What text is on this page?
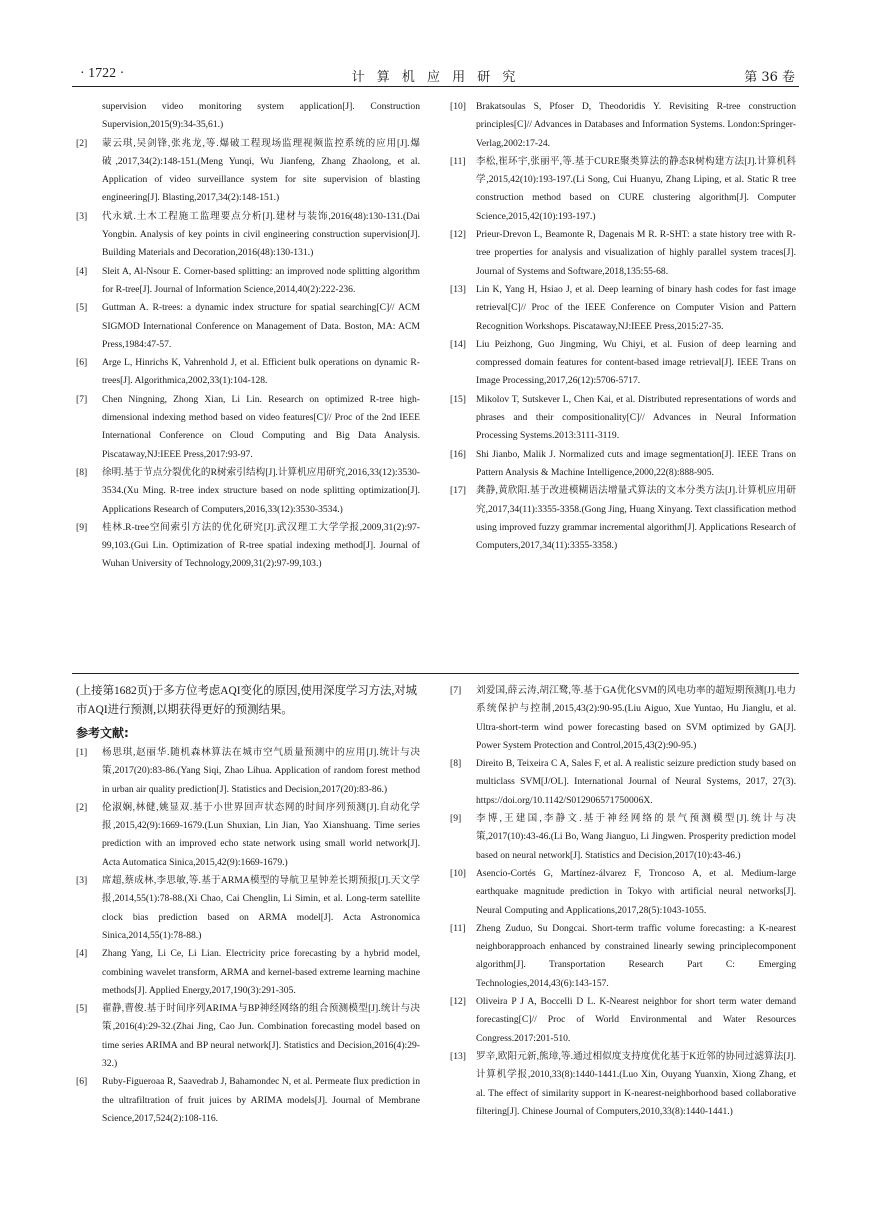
· 1722 ·	计 算 机 应 用 研 究	第 36 卷

supervision video monitoring system application[J]. Construction Supervision,2015(9):34-35,61.)

[2] 蒙云琪,吴剑锋,张兆龙,等.爆破工程现场监理视频监控系统的应用[J].爆破,2017,34(2):148-151.(Meng Yunqi, Wu Jianfeng, Zhang Zhaolong, et al. Application of video surveillance system for site supervision of blasting engineering[J]. Blasting,2017,34(2):148-151.)

[3] 代永斌.土木工程施工监理要点分析[J].建材与装饰,2016(48):130-131.(Dai Yongbin. Analysis of key points in civil engineering construction supervision[J]. Building Materials and Decoration,2016(48):130-131.)

[4] Sleit A, Al-Nsour E. Corner-based splitting: an improved node splitting algorithm for R-tree[J]. Journal of Information Science,2014,40(2):222-236.

[5] Guttman A. R-trees: a dynamic index structure for spatial searching[C]// ACM SIGMOD International Conference on Management of Data. Boston, MA: ACM Press,1984:47-57.

[6] Arge L, Hinrichs K, Vahrenhold J, et al. Efficient bulk operations on dynamic R-trees[J]. Algorithmica,2002,33(1):104-128.

[7] Chen Ningning, Zhong Xian, Li Lin. Research on optimized R-tree high-dimensional indexing method based on video features[C]// Proc of the 2nd IEEE International Conference on Cloud Computing and Big Data Analysis. Piscataway,NJ:IEEE Press,2017:93-97.

[8] 徐明.基于节点分裂优化的R树索引结构[J].计算机应用研究,2016,33(12):3530-3534.(Xu Ming. R-tree index structure based on node splitting optimization[J]. Applications Research of Computers,2016,33(12):3530-3534.)

[9] 桂林.R-tree空间索引方法的优化研究[J].武汉理工大学学报,2009,31(2):97-99,103.(Gui Lin. Optimization of R-tree spatial indexing method[J]. Journal of Wuhan University of Technology,2009,31(2):97-99,103.)

[10] Brakatsoulas S, Pfoser D, Theodoridis Y. Revisiting R-tree construction principles[C]// Advances in Databases and Information Systems. London:Springer-Verlag,2002:17-24.

[11] 李松,崔环宇,张丽平,等.基于CURE聚类算法的静态R树构建方法[J].计算机科学,2015,42(10):193-197.(Li Song, Cui Huanyu, Zhang Liping, et al. Static R tree construction method based on CURE clustering algorithm[J]. Computer Science,2015,42(10):193-197.)

[12] Prieur-Drevon L, Beamonte R, Dagenais M R. R-SHT: a state history tree with R-tree properties for analysis and visualization of highly parallel system traces[J]. Journal of Systems and Software,2018,135:55-68.

[13] Lin K, Yang H, Hsiao J, et al. Deep learning of binary hash codes for fast image retrieval[C]// Proc of the IEEE Conference on Computer Vision and Pattern Recognition Workshops. Piscataway,NJ:IEEE Press,2015:27-35.

[14] Liu Peizhong, Guo Jingming, Wu Chiyi, et al. Fusion of deep learning and compressed domain features for content-based image retrieval[J]. IEEE Trans on Image Processing,2017,26(12):5706-5717.

[15] Mikolov T, Sutskever L, Chen Kai, et al. Distributed representations of words and phrases and their compositionality[C]// Advances in Neural Information Processing Systems.2013:3111-3119.

[16] Shi Jianbo, Malik J. Normalized cuts and image segmentation[J]. IEEE Trans on Pattern Analysis & Machine Intelligence,2000,22(8):888-905.

[17] 龚静,黄欣阳.基于改进模糊语法增量式算法的文本分类方法[J].计算机应用研究,2017,34(11):3355-3358.(Gong Jing, Huang Xinyang. Text classification method using improved fuzzy grammar incremental algorithm[J]. Applications Research of Computers,2017,34(11):3355-3358.)

(上接第1682页)于多方位考虑AQI变化的原因,使用深度学习方法,对城市AQI进行预测,以期获得更好的预测结果。

参考文献:

[1] 杨思琪,赵丽华.随机森林算法在城市空气质量预测中的应用[J].统计与决策,2017(20):83-86.(Yang Siqi, Zhao Lihua. Application of random forest method in urban air quality prediction[J]. Statistics and Decision,2017(20):83-86.)

[2] 伦淑娴,林健,姚显双.基于小世界回声状态网的时间序列预测[J].自动化学报,2015,42(9):1669-1679.(Lun Shuxian, Lin Jian, Yao Xianshuang. Time series prediction with an improved echo state network using small world network[J]. Acta Automatica Sinica,2015,42(9):1669-1679.)

[3] 席超,蔡成林,李思敏,等.基于ARMA模型的导航卫星钟差长期预报[J].天文学报,2014,55(1):78-88.(Xi Chao, Cai Chenglin, Li Simin, et al. Long-term satellite clock bias prediction based on ARMA model[J]. Acta Astronomica Sinica,2014,55(1):78-88.)

[4] Zhang Yang, Li Ce, Li Lian. Electricity price forecasting by a hybrid model, combining wavelet transform, ARMA and kernel-based extreme learning machine methods[J]. Applied Energy,2017,190(3):291-305.

[5] 翟静,曹俊.基于时间序列ARIMA与BP神经网络的组合预测模型[J].统计与决策,2016(4):29-32.(Zhai Jing, Cao Jun. Combination forecasting model based on time series ARIMA and BP neural network[J]. Statistics and Decision,2016(4):29-32.)

[6] Ruby-Figueroaa R, Saavedrab J, Bahamondec N, et al. Permeate flux prediction in the ultrafiltration of fruit juices by ARIMA models[J]. Journal of Membrane Science,2017,524(2):108-116.

[7] 刘爱国,薛云涛,胡江鹭,等.基于GA优化SVM的风电功率的超短期预测[J].电力系统保护与控制,2015,43(2):90-95.(Liu Aiguo, Xue Yuntao, Hu Jianglu, et al. Ultra-short-term wind power forecasting based on SVM optimized by GA[J]. Power System Protection and Control,2015,43(2):90-95.)

[8] Direito B, Teixeira C A, Sales F, et al. A realistic seizure prediction study based on multiclass SVM[J/OL]. International Journal of Neural Systems, 2017, 27(3). https://doi.org/10.1142/S012906571750006X.

[9] 李博,王建国,李静文.基于神经网络的景气预测模型[J].统计与决策,2017(10):43-46.(Li Bo, Wang Jianguo, Li Jingwen. Prosperity prediction model based on neural network[J]. Statistics and Decision,2017(10):43-46.)

[10] Asencio-Cortés G, Martínez-álvarez F, Troncoso A, et al. Medium-large earthquake magnitude prediction in Tokyo with artificial neural networks[J]. Neural Computing and Applications,2017,28(5):1043-1055.

[11] Zheng Zuduo, Su Dongcai. Short-term traffic volume forecasting: a K-nearest neighborapproach enhanced by constrained linearly sewing principlecomponent algorithm[J]. Transportation Research Part C: Emerging Technologies,2014,43(6):143-157.

[12] Oliveira P J A, Boccelli D L. K-Nearest neighbor for short term water demand forecasting[C]// Proc of World Environmental and Water Resources Congress.2017:201-510.

[13] 罗辛,欧阳元新,熊璋,等.通过相似度支持度优化基于K近邻的协同过滤算法[J].计算机学报,2010,33(8):1440-1441.(Luo Xin, Ouyang Yuanxin, Xiong Zhang, et al. The effect of similarity support in K-nearest-neighborhood based collaborative filtering[J]. Chinese Journal of Computers,2010,33(8):1440-1441.)
